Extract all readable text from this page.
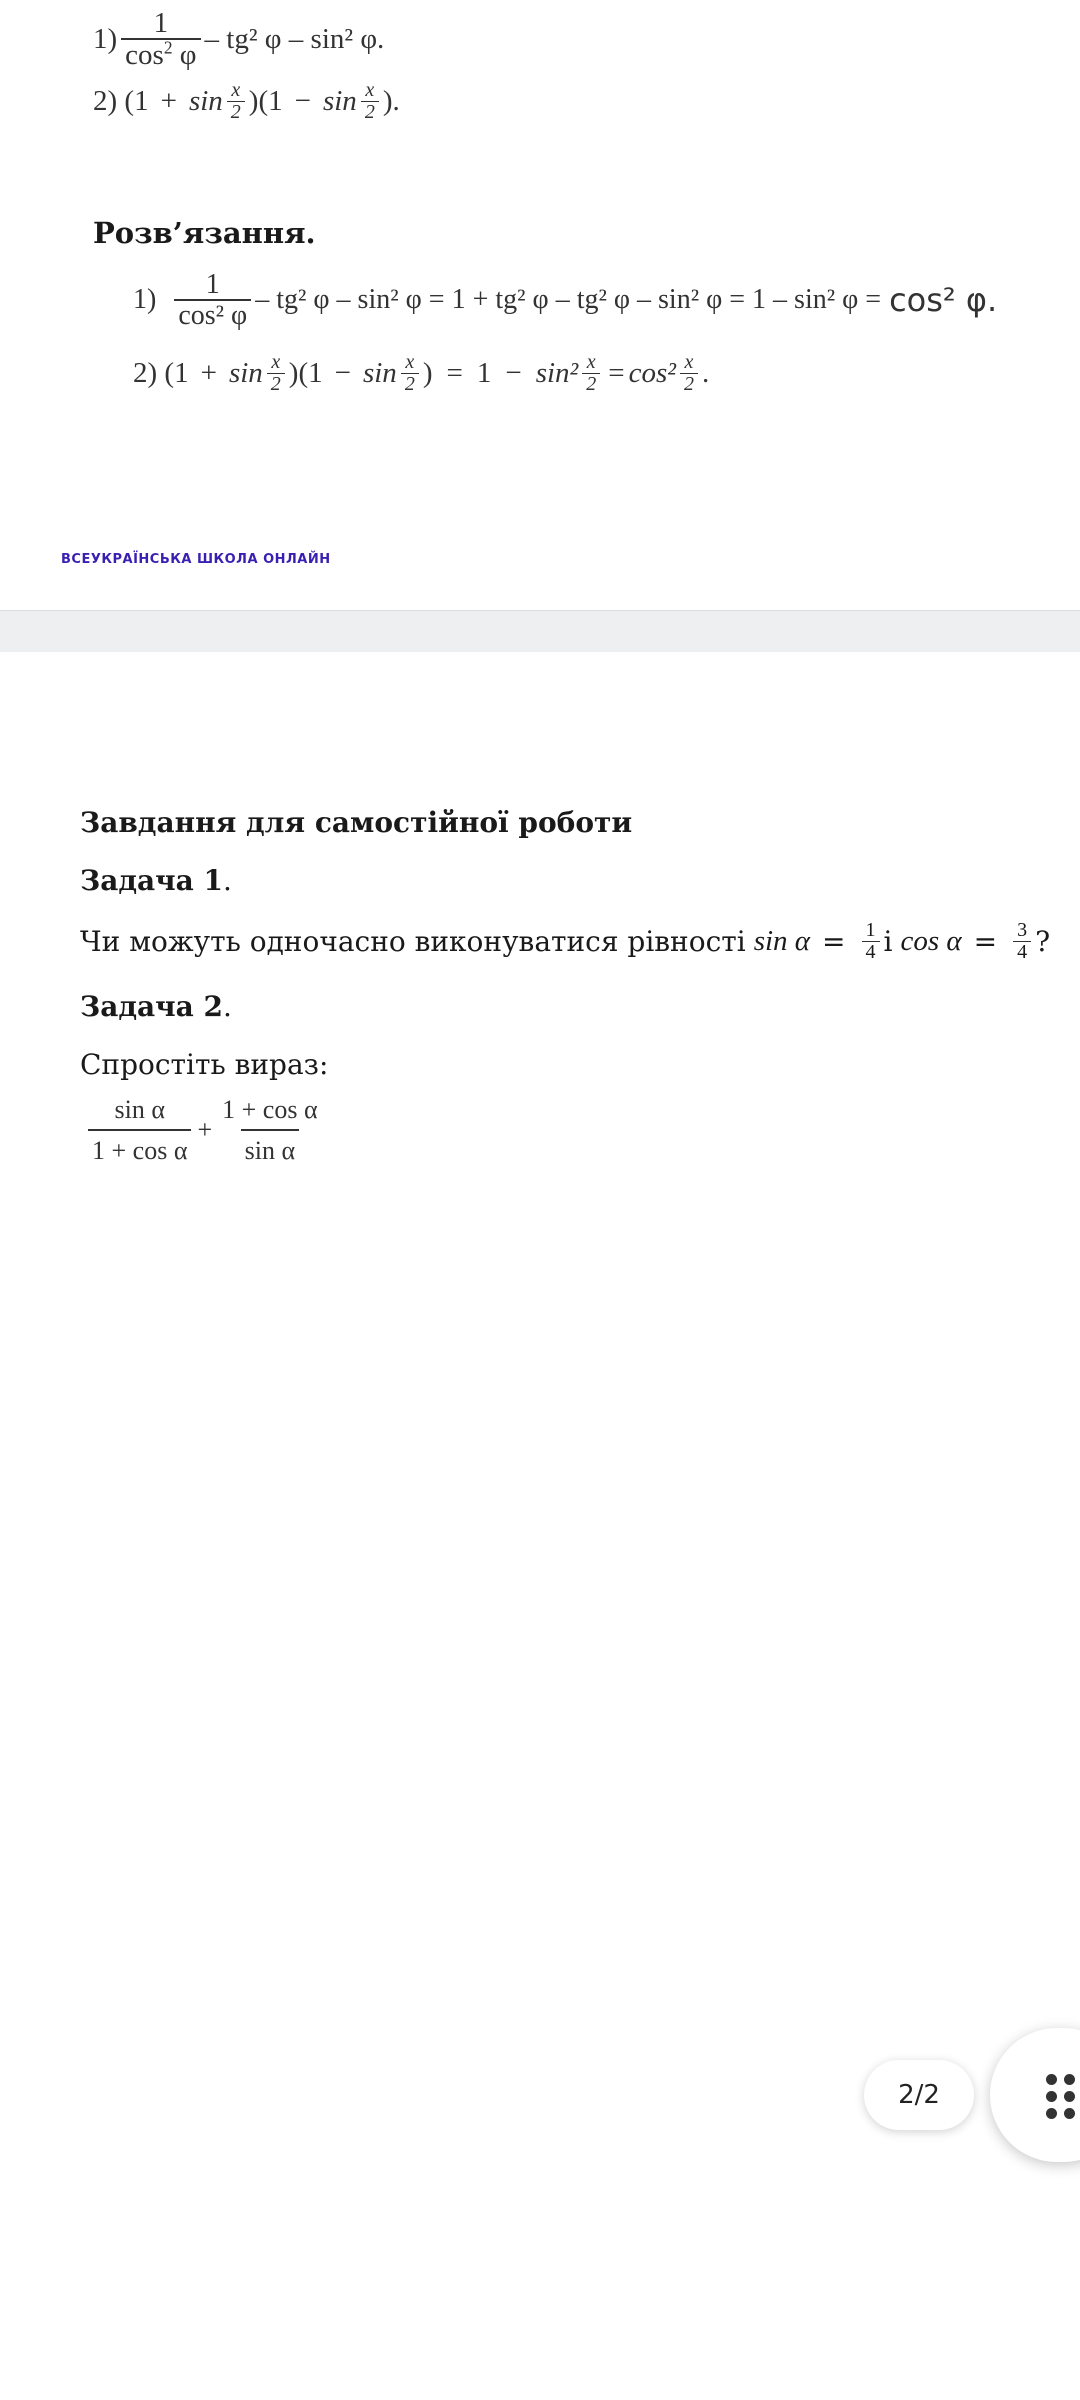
$1) \frac{1}{\cos^2 \varphi} - tg^2$ φ – sin² φ.
2) $(1 + \sin \frac{x}{2} )(1 - \sin \frac{x}{2}$ ).
Розв’язання.
$1) \frac{1}{\text{cos² φ}} - tg^2$ φ – sin² φ = 1 + tg² φ – tg² φ – sin² φ = 1 – sin² φ = cos² φ.
2) $(1 + \sin \frac{x}{2} )(1 - \sin \frac{x}{2}$ ) = $1 - \sin^2 \frac{x}{2} = \cos^2 \frac{x}{2}$ .
ВСЕУКРАЇНСЬКА ШКОЛА ОНЛАЙН
Завдання для самостійної роботи
Задача 1.
Чи можуть одночасно виконуватися рівності $\sin \alpha = \frac{1}{4}$ і $\cos \alpha = \frac{3}{4}$ ?
Задача 2.
Спростіть вираз:
$\frac{\text{sin α}}{\text{1 + cos α}} + \frac{\text{1 + cos α}}{\text{sin α}}$
2/2
